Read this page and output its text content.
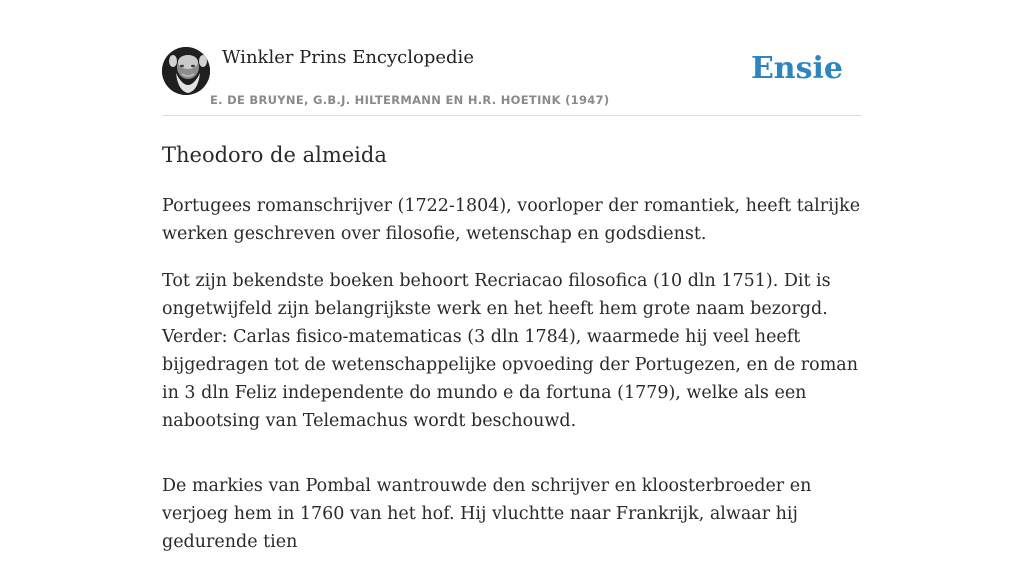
Winkler Prins Encyclopedie
E. DE BRUYNE, G.B.J. HILTERMANN EN H.R. HOETINK (1947)
Ensie
Theodoro de almeida

Portugees romanschrijver (1722-1804), voorloper der romantiek, heeft talrijke werken geschreven over filosofie, wetenschap en godsdienst.

Tot zijn bekendste boeken behoort Recriacao filosofica (10 dln 1751). Dit is ongetwijfeld zijn belangrijkste werk en het heeft hem grote naam bezorgd. Verder: Carlas fisico-matematicas (3 dln 1784), waarmede hij veel heeft bijgedragen tot de wetenschappelijke opvoeding der Portugezen, en de roman in 3 dln Feliz independente do mundo e da fortuna (1779), welke als een nabootsing van Telemachus wordt beschouwd.

De markies van Pombal wantrouwde den schrijver en kloosterbroeder en verjoeg hem in 1760 van het hof. Hij vluchtte naar Frankrijk, alwaar hij gedurende tien
